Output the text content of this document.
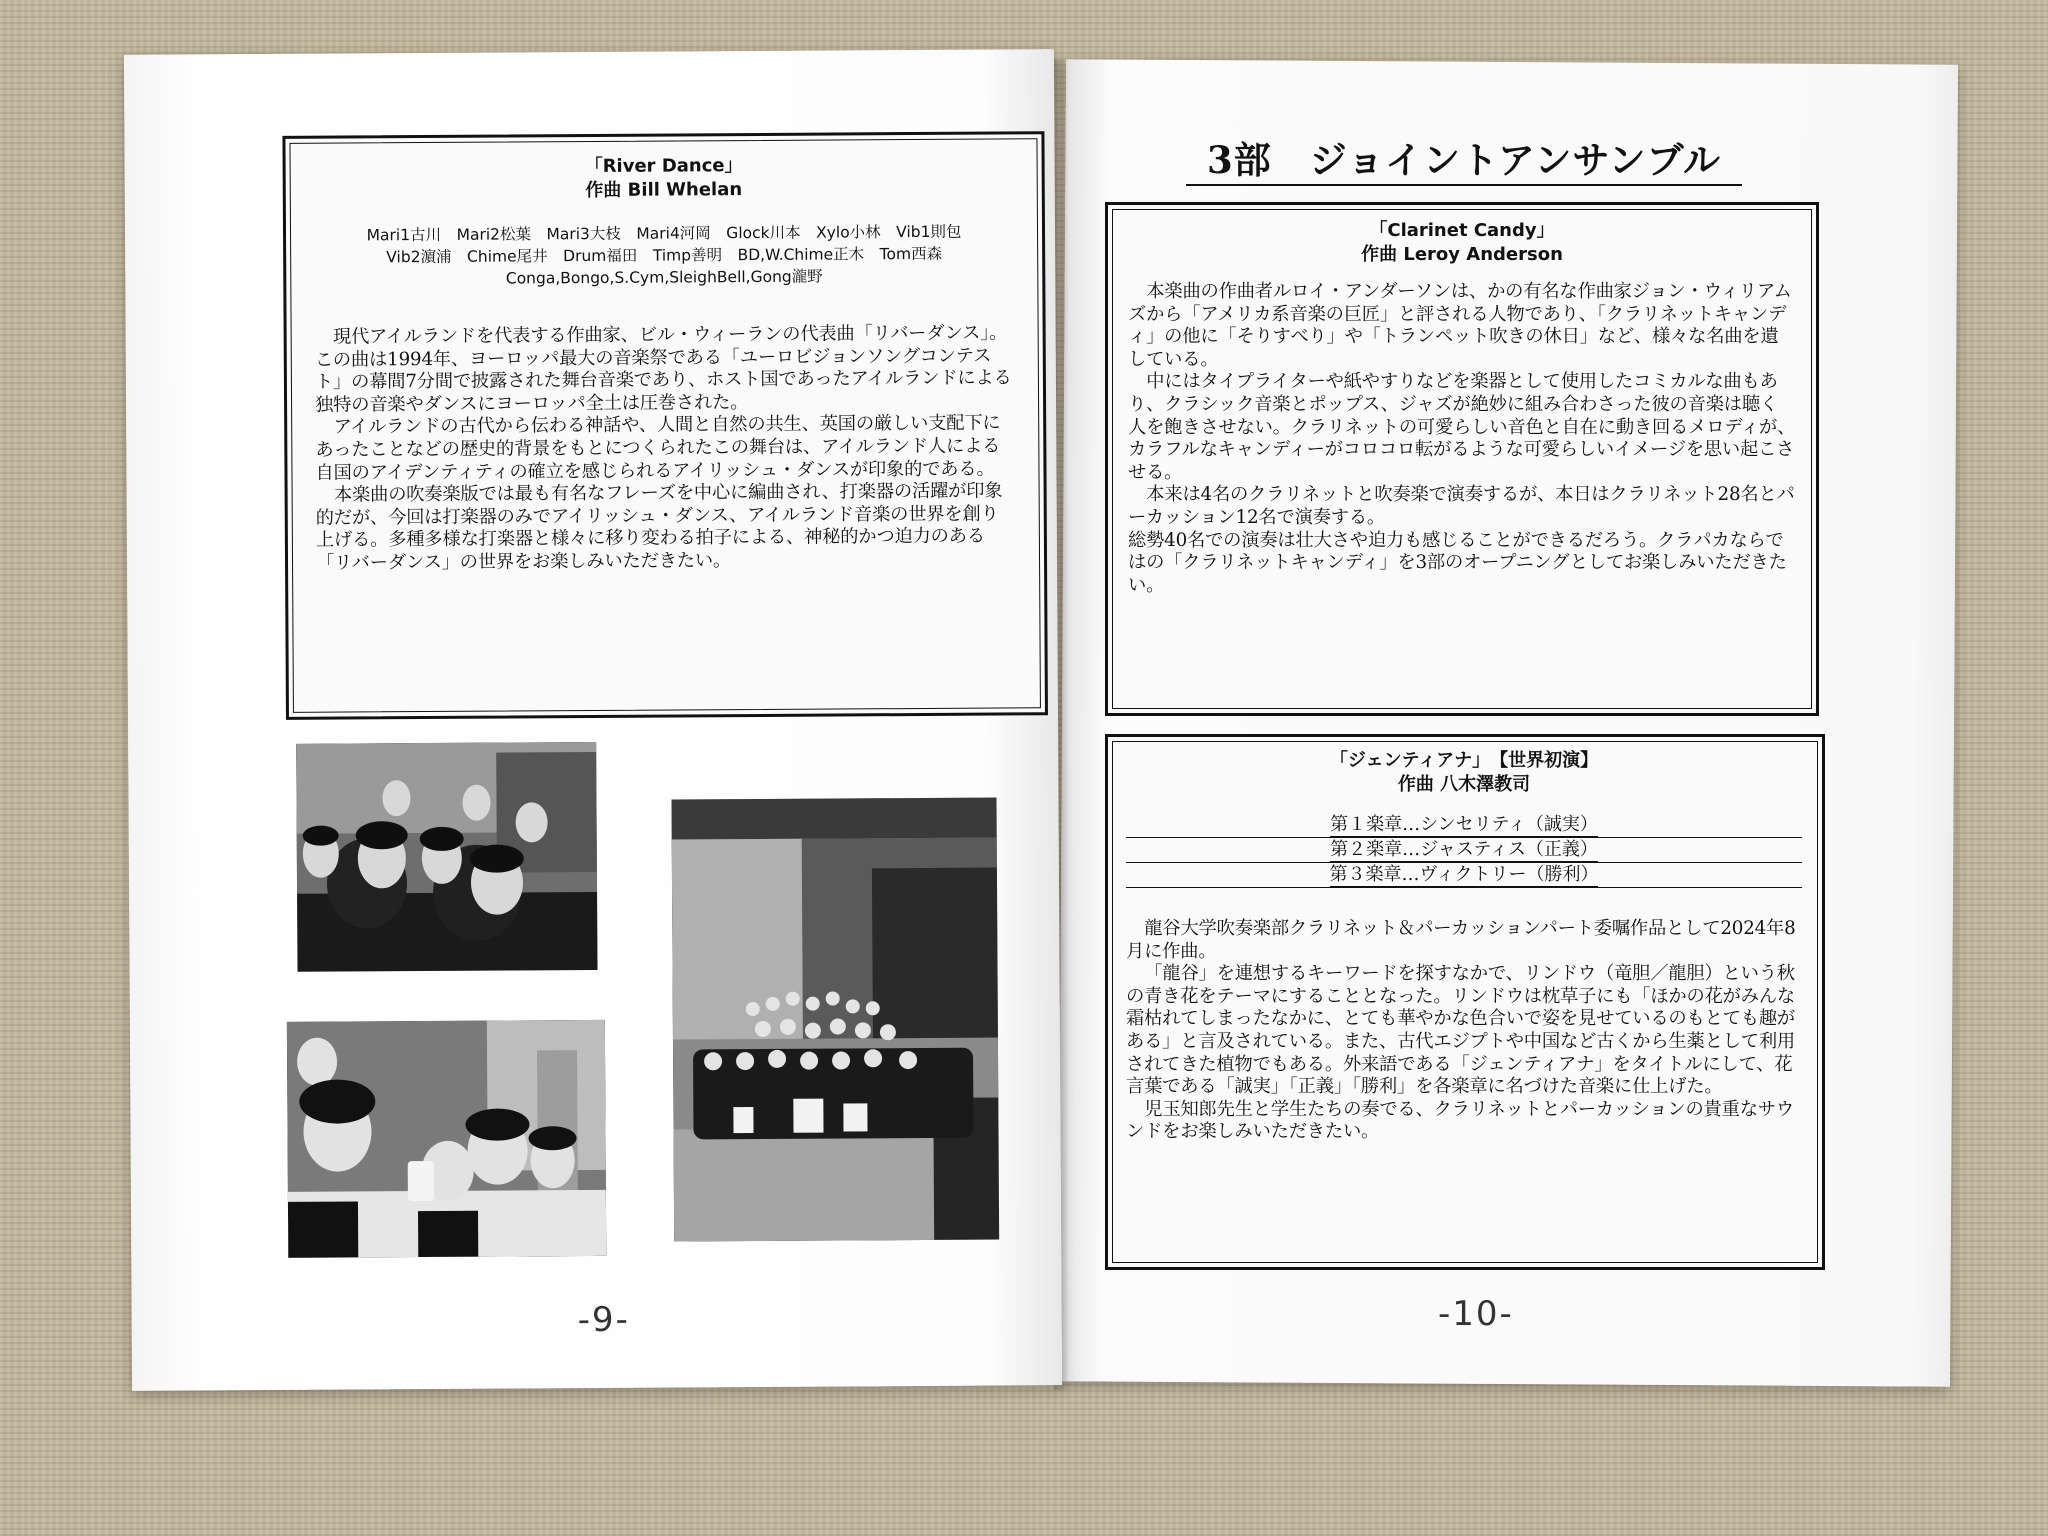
「River Dance」
作曲 Bill Whelan
Mari1古川　Mari2松葉　Mari3大枝　Mari4河岡　Glock川本　Xylo小林　Vib1則包
Vib2濵浦　Chime尾井　Drum福田　Timp善明　BD,W.Chime正木　Tom西森
Conga,Bongo,S.Cym,SleighBell,Gong瀧野

現代アイルランドを代表する作曲家、ビル・ウィーランの代表曲「リバーダンス」。この曲は1994年、ヨーロッパ最大の音楽祭である「ユーロビジョンソングコンテスト」の幕間7分間で披露された舞台音楽であり、ホスト国であったアイルランドによる独特の音楽やダンスにヨーロッパ全土は圧巻された。

アイルランドの古代から伝わる神話や、人間と自然の共生、英国の厳しい支配下にあったことなどの歴史的背景をもとにつくられたこの舞台は、アイルランド人による自国のアイデンティティの確立を感じられるアイリッシュ・ダンスが印象的である。

本楽曲の吹奏楽版では最も有名なフレーズを中心に編曲され、打楽器の活躍が印象的だが、今回は打楽器のみでアイリッシュ・ダンス、アイルランド音楽の世界を創り上げる。多種多様な打楽器と様々に移り変わる拍子による、神秘的かつ迫力のある「リバーダンス」の世界をお楽しみいただきたい。

-9-
3部　ジョイントアンサンブル
「Clarinet Candy」
作曲 Leroy Anderson

本楽曲の作曲者ルロイ・アンダーソンは、かの有名な作曲家ジョン・ウィリアムズから「アメリカ系音楽の巨匠」と評される人物であり、「クラリネットキャンディ」の他に「そりすべり」や「トランペット吹きの休日」など、様々な名曲を遺している。

中にはタイプライターや紙やすりなどを楽器として使用したコミカルな曲もあり、クラシック音楽とポップス、ジャズが絶妙に組み合わさった彼の音楽は聴く人を飽きさせない。クラリネットの可愛らしい音色と自在に動き回るメロディが、カラフルなキャンディーがコロコロ転がるような可愛らしいイメージを思い起こさせる。

本来は4名のクラリネットと吹奏楽で演奏するが、本日はクラリネット28名とパーカッション12名で演奏する。

総勢40名での演奏は壮大さや迫力も感じることができるだろう。クラパカならではの「クラリネットキャンディ」を3部のオープニングとしてお楽しみいただきたい。

「ジェンティアナ」　【世界初演】
作曲 八木澤教司
第１楽章…シンセリティ（誠実）
第２楽章…ジャスティス（正義）
第３楽章…ヴィクトリー（勝利）

龍谷大学吹奏楽部クラリネット＆パーカッションパート委嘱作品として2024年8月に作曲。

「龍谷」を連想するキーワードを探すなかで、リンドウ（竜胆／龍胆）という秋の青き花をテーマにすることとなった。リンドウは枕草子にも「ほかの花がみんな霜枯れてしまったなかに、とても華やかな色合いで姿を見せているのもとても趣がある」と言及されている。また、古代エジプトや中国など古くから生薬として利用されてきた植物でもある。外来語である「ジェンティアナ」をタイトルにして、花言葉である「誠実」「正義」「勝利」を各楽章に名づけた音楽に仕上げた。

児玉知郎先生と学生たちの奏でる、クラリネットとパーカッションの貴重なサウンドをお楽しみいただきたい。

-10-
